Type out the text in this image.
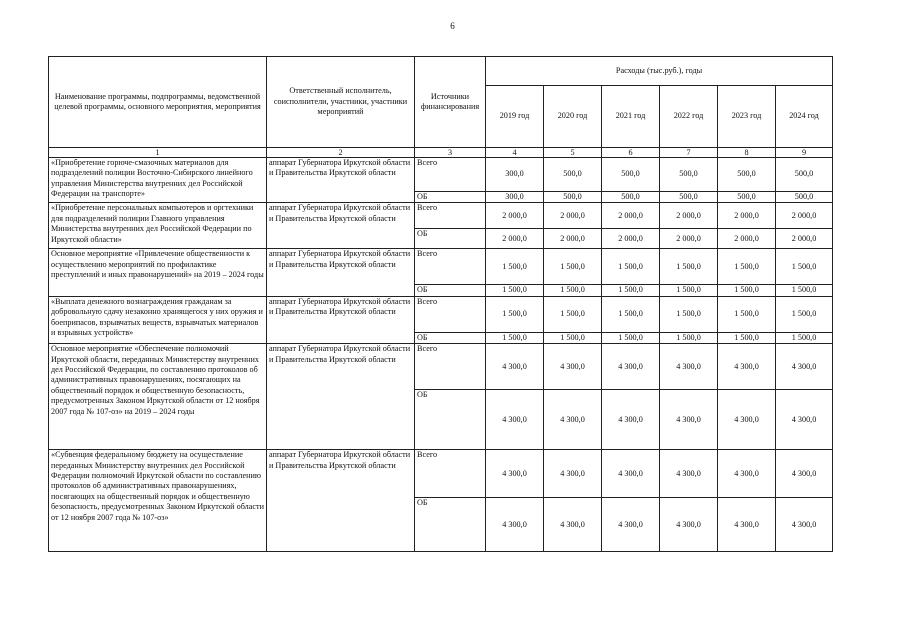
6
Наименование программы, подпрограммы, ведомственной целевой программы, основного мероприятия, мероприятия	Ответственный исполнитель, соисполнители, участники, участники мероприятий	Источники финансирования	Расходы (тыс.руб.), годы					
			2019 год	2020 год	2021 год	2022 год	2023 год	2024 год
1	2	3	4	5	6	7	8	9
«Приобретение горюче-смазочных материалов для подразделений полиции Восточно-Сибирского линейного управления Министерства внутренних дел Российской Федерации на транспорте»	аппарат Губернатора Иркутской области и Правительства Иркутской области	Всего	300,0	500,0	500,0	500,0	500,0	500,0
		ОБ	300,0	500,0	500,0	500,0	500,0	500,0
«Приобретение персональных компьютеров и оргтехники для подразделений полиции Главного управления Министерства внутренних дел Российской Федерации по Иркутской области»	аппарат Губернатора Иркутской области и Правительства Иркутской области	Всего	2 000,0	2 000,0	2 000,0	2 000,0	2 000,0	2 000,0
		ОБ	2 000,0	2 000,0	2 000,0	2 000,0	2 000,0	2 000,0
Основное мероприятие «Привлечение общественности к осуществлению мероприятий по профилактике преступлений и иных правонарушений» на 2019 – 2024 годы	аппарат Губернатора Иркутской области и Правительства Иркутской области	Всего	1 500,0	1 500,0	1 500,0	1 500,0	1 500,0	1 500,0
		ОБ	1 500,0	1 500,0	1 500,0	1 500,0	1 500,0	1 500,0
«Выплата денежного вознаграждения гражданам за добровольную сдачу незаконно хранящегося у них оружия и боеприпасов, взрывчатых веществ, взрывчатых материалов и взрывных устройств»	аппарат Губернатора Иркутской области и Правительства Иркутской области	Всего	1 500,0	1 500,0	1 500,0	1 500,0	1 500,0	1 500,0
		ОБ	1 500,0	1 500,0	1 500,0	1 500,0	1 500,0	1 500,0
Основное мероприятие «Обеспечение полномочий Иркутской области, переданных Министерству внутренних дел Российской Федерации, по составлению протоколов об административных правонарушениях, посягающих на общественный порядок и общественную безопасность, предусмотренных Законом Иркутской области от 12 ноября 2007 года № 107-оз» на 2019 – 2024 годы	аппарат Губернатора Иркутской области и Правительства Иркутской области	Всего	4 300,0	4 300,0	4 300,0	4 300,0	4 300,0	4 300,0
		ОБ	4 300,0	4 300,0	4 300,0	4 300,0	4 300,0	4 300,0
«Субвенция федеральному бюджету на осуществление переданных Министерству внутренних дел Российской Федерации полномочий Иркутской области по составлению протоколов об административных правонарушениях, посягающих на общественный порядок и общественную безопасность, предусмотренных Законом Иркутской области от 12 ноября 2007 года № 107-оз»	аппарат Губернатора Иркутской области и Правительства Иркутской области	Всего	4 300,0	4 300,0	4 300,0	4 300,0	4 300,0	4 300,0
		ОБ	4 300,0	4 300,0	4 300,0	4 300,0	4 300,0	4 300,0
